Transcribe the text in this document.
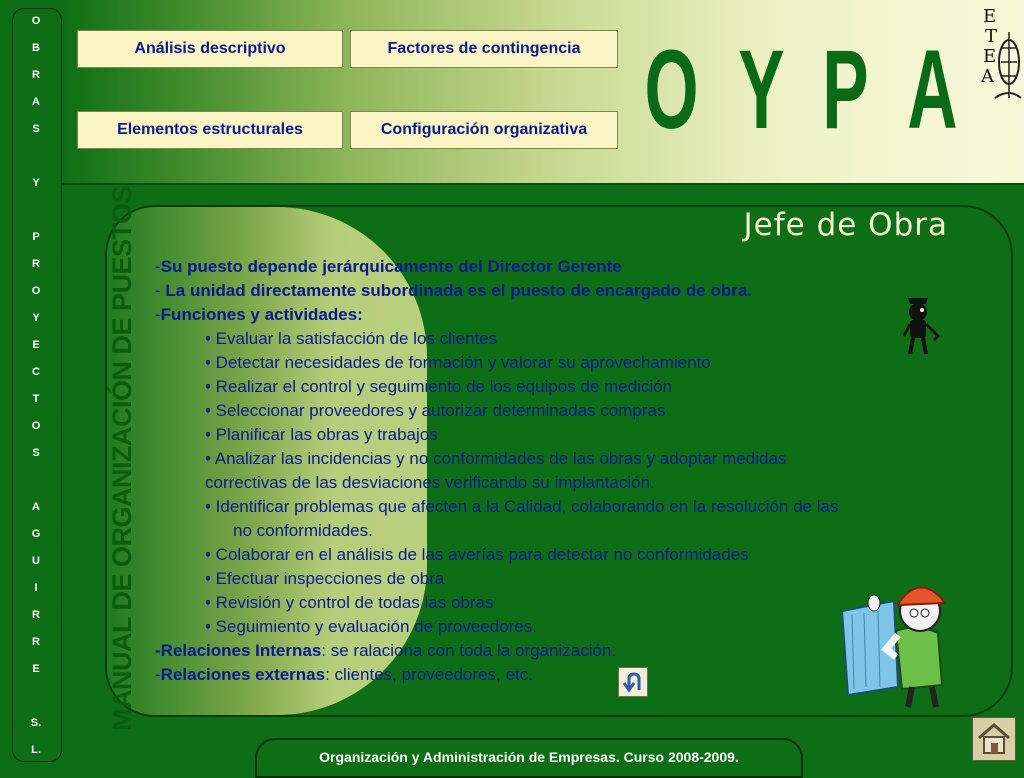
O
B
R
A
S
Y
P
R
O
Y
E
C
T
O
S
A
G
U
I
R
R
E
S.
L.
Análisis descriptivo	Factores de contingencia
Elementos estructurales	Configuración organizativa O Y P A
E
T
E
A
MANUAL DE ORGANIZACIÓN DE PUESTOS	Jefe de Obra
-Su puesto depende jerárquicamente del Director Gerente
- La unidad directamente subordinada es el puesto de encargado de obra.
-Funciones y actividades:
• Evaluar la satisfacción de los clientes
• Detectar necesidades de formación y valorar su aprovechamiento
• Realizar el control y seguimiento de los equipos de medición
• Seleccionar proveedores y autorizar determinadas compras
• Planificar las obras y trabajos
• Analizar las incidencias y no conformidades de las obras y adoptar medidas
correctivas de las desviaciones verificando su implantación.
• Identificar problemas que afecten a la Calidad, colaborando en la resolución de las
no conformidades.
• Colaborar en el análisis de las averías para detectar no conformidades
• Efectuar inspecciones de obra
• Revisión y control de todas las obras
• Seguimiento y evaluación de proveedores.
-Relaciones Internas: se ralaciona con toda la organización.
-Relaciones externas: clientes, proveedores, etc.
Organización y Administración de Empresas. Curso 2008-2009.
